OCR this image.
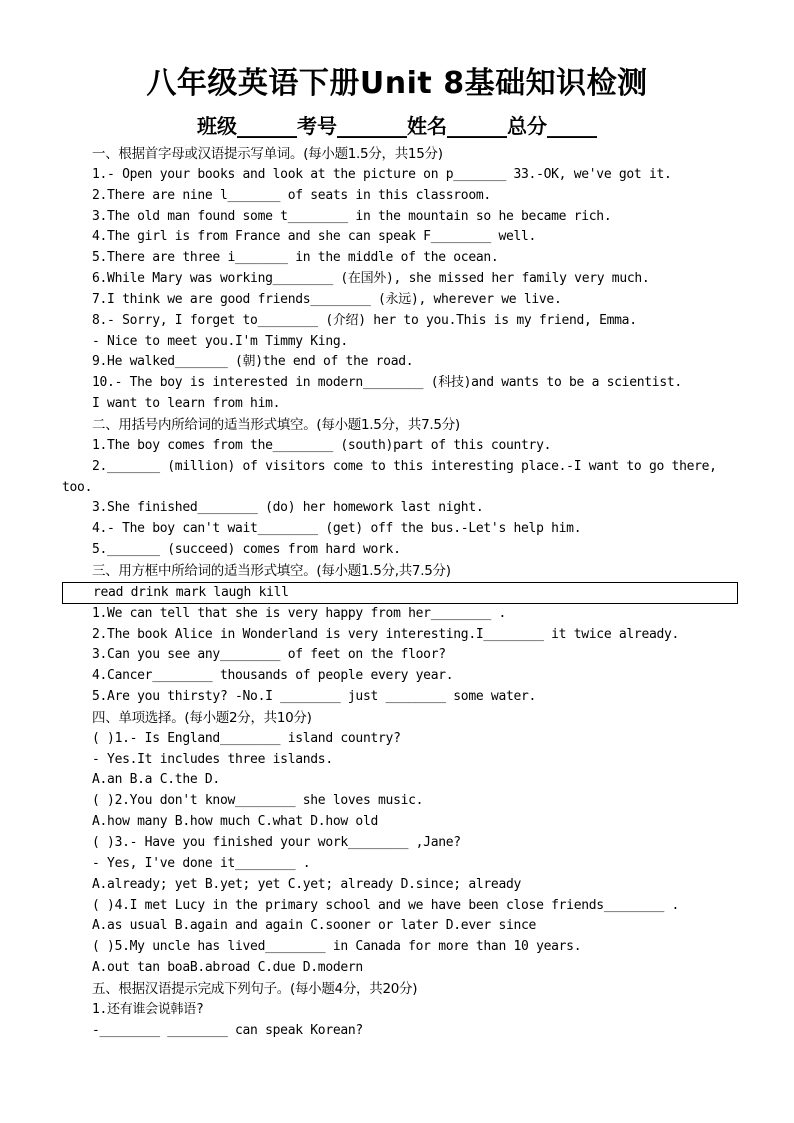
八年级英语下册Unit 8基础知识检测
班级______考号_______姓名______总分_____
一、根据首字母或汉语提示写单词。(每小题1.5分，共15分)
1.- Open your books and look at the picture on p_______ 33.-OK, we've got it.
2.There are nine l_______ of seats in this classroom.
3.The old man found some t________ in the mountain so he became rich.
4.The girl is from France and she can speak F________ well.
5.There are three i_______ in the middle of the ocean.
6.While Mary was working________ (在国外), she missed her family very much.
7.I think we are good friends________ (永远), wherever we live.
8.- Sorry, I forget to________ (介绍) her to you.This is my friend, Emma.
- Nice to meet you.I'm Timmy King.
9.He walked_______ (朝)the end of the road.
10.- The boy is interested in modern________ (科技)and wants to be a scientist.
I want to learn from him.
二、用括号内所给词的适当形式填空。(每小题1.5分，共7.5分)
1.The boy comes from the________ (south)part of this country.
2._______ (million) of visitors come to this interesting place.-I want to go there,
too.
3.She finished________ (do) her homework last night.
4.- The boy can't wait________ (get) off the bus.-Let's help him.
5._______ (succeed) comes from hard work.
三、用方框中所给词的适当形式填空。(每小题1.5分,共7.5分)
read drink mark laugh kill
1.We can tell that she is very happy from her________ .
2.The book Alice in Wonderland is very interesting.I________ it twice already.
3.Can you see any________ of feet on the floor?
4.Cancer________ thousands of people every year.
5.Are you thirsty? -No.I ________ just ________ some water.
四、单项选择。(每小题2分，共10分)
( )1.- Is England________ island country?
- Yes.It includes three islands.
A.an B.a C.the D.
( )2.You don't know________ she loves music.
A.how many B.how much C.what D.how old
( )3.- Have you finished your work________ ,Jane?
- Yes, I've done it________ .
A.already; yet B.yet; yet C.yet; already D.since; already
( )4.I met Lucy in the primary school and we have been close friends________ .
A.as usual B.again and again C.sooner or later D.ever since
( )5.My uncle has lived________ in Canada for more than 10 years.
A.out tan boaB.abroad C.due D.modern
五、根据汉语提示完成下列句子。(每小题4分，共20分)
1.还有谁会说韩语?
-________ ________ can speak Korean?
